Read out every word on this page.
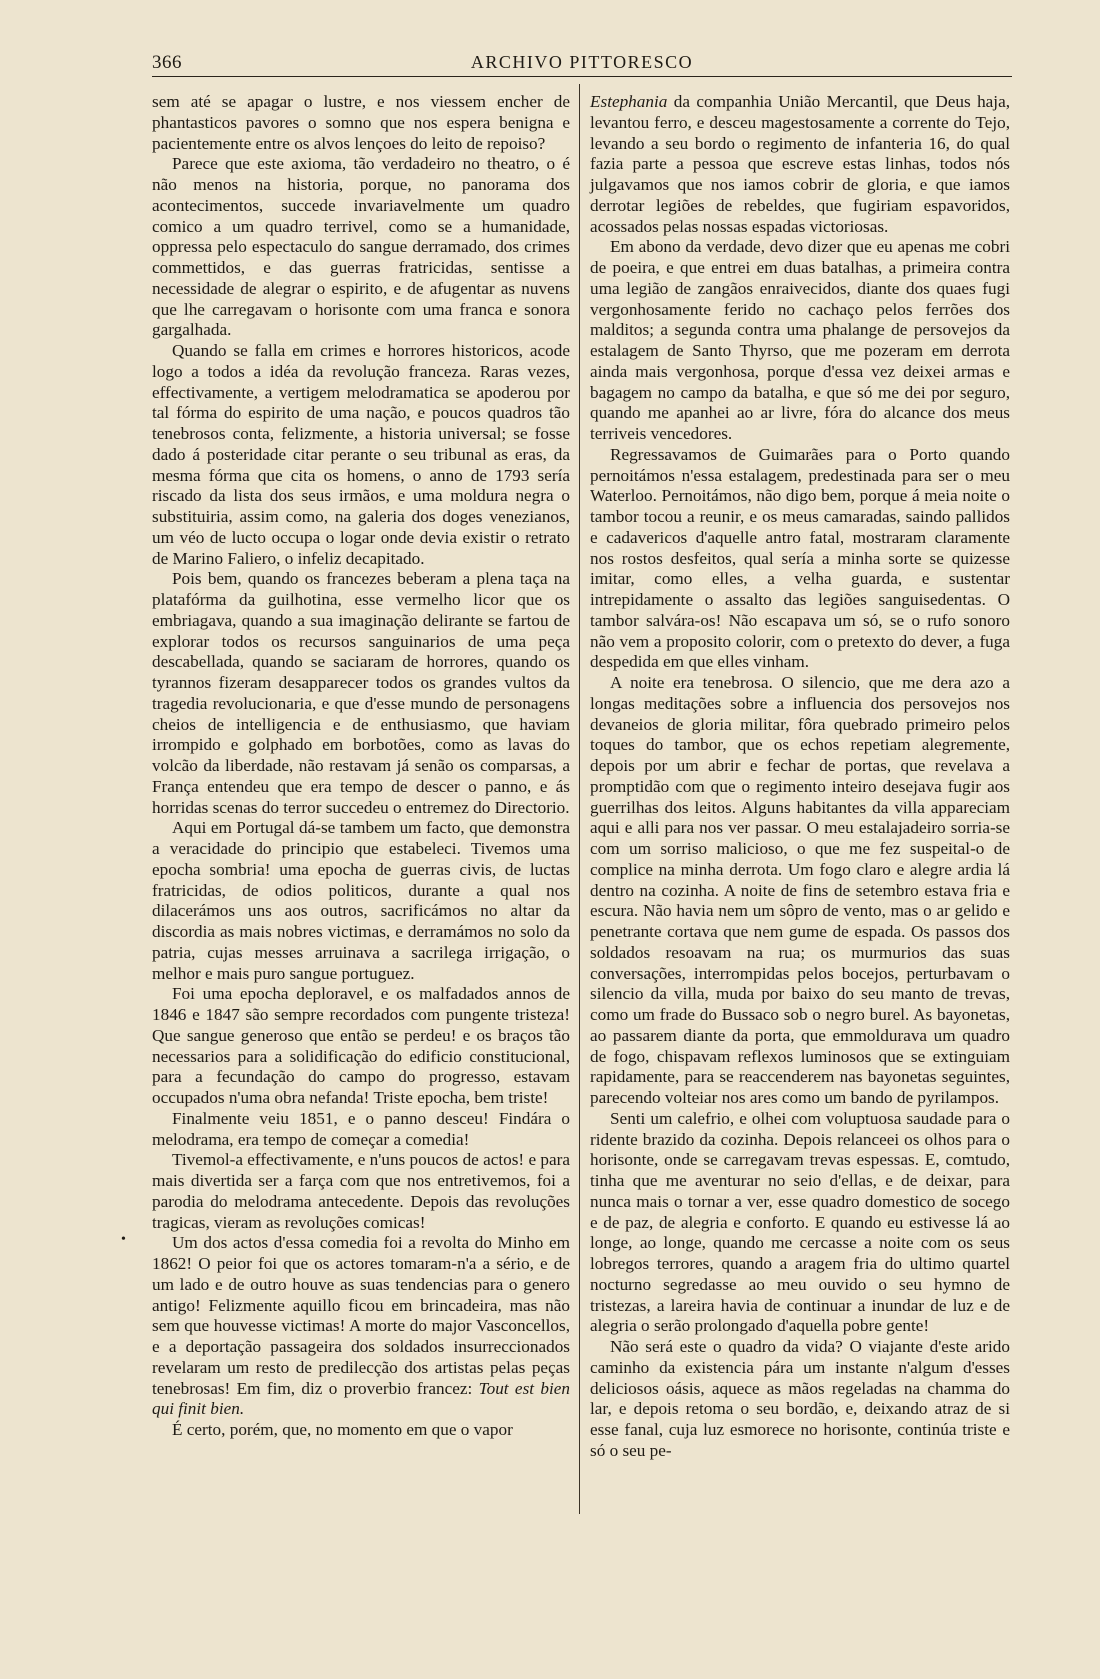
366	ARCHIVO PITTORESCO
•

sem até se apagar o lustre, e nos viessem encher de phantasticos pavores o somno que nos espera benigna e pacientemente entre os alvos lençoes do leito de repoiso?

Parece que este axioma, tão verdadeiro no theatro, o é não menos na historia, porque, no panorama dos acontecimentos, succede invariavelmente um quadro comico a um quadro terrivel, como se a humanidade, oppressa pelo espectaculo do sangue derramado, dos crimes commettidos, e das guerras fratricidas, sentisse a necessidade de alegrar o espirito, e de afugentar as nuvens que lhe carregavam o horisonte com uma franca e sonora gargalhada.

Quando se falla em crimes e horrores historicos, acode logo a todos a idéa da revolução franceza. Raras vezes, effectivamente, a vertigem melodramatica se apoderou por tal fórma do espirito de uma nação, e poucos quadros tão tenebrosos conta, felizmente, a historia universal; se fosse dado á posteridade citar perante o seu tribunal as eras, da mesma fórma que cita os homens, o anno de 1793 sería riscado da lista dos seus irmãos, e uma moldura negra o substituiria, assim como, na galeria dos doges venezianos, um véo de lucto occupa o logar onde devia existir o retrato de Marino Faliero, o infeliz decapitado.

Pois bem, quando os francezes beberam a plena taça na platafórma da guilhotina, esse vermelho licor que os embriagava, quando a sua imaginação delirante se fartou de explorar todos os recursos sanguinarios de uma peça descabellada, quando se saciaram de horrores, quando os tyrannos fizeram desapparecer todos os grandes vultos da tragedia revolucionaria, e que d'esse mundo de personagens cheios de intelligencia e de enthusiasmo, que haviam irrompido e golphado em borbotões, como as lavas do volcão da liberdade, não restavam já senão os comparsas, a França entendeu que era tempo de descer o panno, e ás horridas scenas do terror succedeu o entremez do Directorio.

Aqui em Portugal dá-se tambem um facto, que demonstra a veracidade do principio que estabeleci. Tivemos uma epocha sombria! uma epocha de guerras civis, de luctas fratricidas, de odios politicos, durante a qual nos dilacerámos uns aos outros, sacrificámos no altar da discordia as mais nobres victimas, e derramámos no solo da patria, cujas messes arruinava a sacrilega irrigação, o melhor e mais puro sangue portuguez.

Foi uma epocha deploravel, e os malfadados annos de 1846 e 1847 são sempre recordados com pungente tristeza! Que sangue generoso que então se perdeu! e os braços tão necessarios para a solidificação do edificio constitucional, para a fecundação do campo do progresso, estavam occupados n'uma obra nefanda! Triste epocha, bem triste!

Finalmente veiu 1851, e o panno desceu! Findára o melodrama, era tempo de começar a comedia!

Tivemol-a effectivamente, e n'uns poucos de actos! e para mais divertida ser a farça com que nos entretivemos, foi a parodia do melodrama antecedente. Depois das revoluções tragicas, vieram as revoluções comicas!

Um dos actos d'essa comedia foi a revolta do Minho em 1862! O peior foi que os actores tomaram-n'a a sério, e de um lado e de outro houve as suas tendencias para o genero antigo! Felizmente aquillo ficou em brincadeira, mas não sem que houvesse victimas! A morte do major Vasconcellos, e a deportação passageira dos soldados insurreccionados revelaram um resto de predilecção dos artistas pelas peças tenebrosas! Em fim, diz o proverbio francez: Tout est bien qui finit bien.

É certo, porém, que, no momento em que o vapor

Estephania da companhia União Mercantil, que Deus haja, levantou ferro, e desceu magestosamente a corrente do Tejo, levando a seu bordo o regimento de infanteria 16, do qual fazia parte a pessoa que escreve estas linhas, todos nós julgavamos que nos iamos cobrir de gloria, e que iamos derrotar legiões de rebeldes, que fugiriam espavoridos, acossados pelas nossas espadas victoriosas.

Em abono da verdade, devo dizer que eu apenas me cobri de poeira, e que entrei em duas batalhas, a primeira contra uma legião de zangãos enraivecidos, diante dos quaes fugi vergonhosamente ferido no cachaço pelos ferrões dos malditos; a segunda contra uma phalange de persovejos da estalagem de Santo Thyrso, que me pozeram em derrota ainda mais vergonhosa, porque d'essa vez deixei armas e bagagem no campo da batalha, e que só me dei por seguro, quando me apanhei ao ar livre, fóra do alcance dos meus terriveis vencedores.

Regressavamos de Guimarães para o Porto quando pernoitámos n'essa estalagem, predestinada para ser o meu Waterloo. Pernoitámos, não digo bem, porque á meia noite o tambor tocou a reunir, e os meus camaradas, saindo pallidos e cadavericos d'aquelle antro fatal, mostraram claramente nos rostos desfeitos, qual sería a minha sorte se quizesse imitar, como elles, a velha guarda, e sustentar intrepidamente o assalto das legiões sanguisedentas. O tambor salvára-os! Não escapava um só, se o rufo sonoro não vem a proposito colorir, com o pretexto do dever, a fuga despedida em que elles vinham.

A noite era tenebrosa. O silencio, que me dera azo a longas meditações sobre a influencia dos persovejos nos devaneios de gloria militar, fôra quebrado primeiro pelos toques do tambor, que os echos repetiam alegremente, depois por um abrir e fechar de portas, que revelava a promptidão com que o regimento inteiro desejava fugir aos guerrilhas dos leitos. Alguns habitantes da villa appareciam aqui e alli para nos ver passar. O meu estalajadeiro sorria-se com um sorriso malicioso, o que me fez suspeital-o de complice na minha derrota. Um fogo claro e alegre ardia lá dentro na cozinha. A noite de fins de setembro estava fria e escura. Não havia nem um sôpro de vento, mas o ar gelido e penetrante cortava que nem gume de espada. Os passos dos soldados resoavam na rua; os murmurios das suas conversações, interrompidas pelos bocejos, perturbavam o silencio da villa, muda por baixo do seu manto de trevas, como um frade do Bussaco sob o negro burel. As bayonetas, ao passarem diante da porta, que emmoldurava um quadro de fogo, chispavam reflexos luminosos que se extinguiam rapidamente, para se reaccenderem nas bayonetas seguintes, parecendo volteiar nos ares como um bando de pyrilampos.

Senti um calefrio, e olhei com voluptuosa saudade para o ridente brazido da cozinha. Depois relanceei os olhos para o horisonte, onde se carregavam trevas espessas. E, comtudo, tinha que me aventurar no seio d'ellas, e de deixar, para nunca mais o tornar a ver, esse quadro domestico de socego e de paz, de alegria e conforto. E quando eu estivesse lá ao longe, ao longe, quando me cercasse a noite com os seus lobregos terrores, quando a aragem fria do ultimo quartel nocturno segredasse ao meu ouvido o seu hymno de tristezas, a lareira havia de continuar a inundar de luz e de alegria o serão prolongado d'aquella pobre gente!

Não será este o quadro da vida? O viajante d'este arido caminho da existencia pára um instante n'algum d'esses deliciosos oásis, aquece as mãos regeladas na chamma do lar, e depois retoma o seu bordão, e, deixando atraz de si esse fanal, cuja luz esmorece no horisonte, continúa triste e só o seu pe-
